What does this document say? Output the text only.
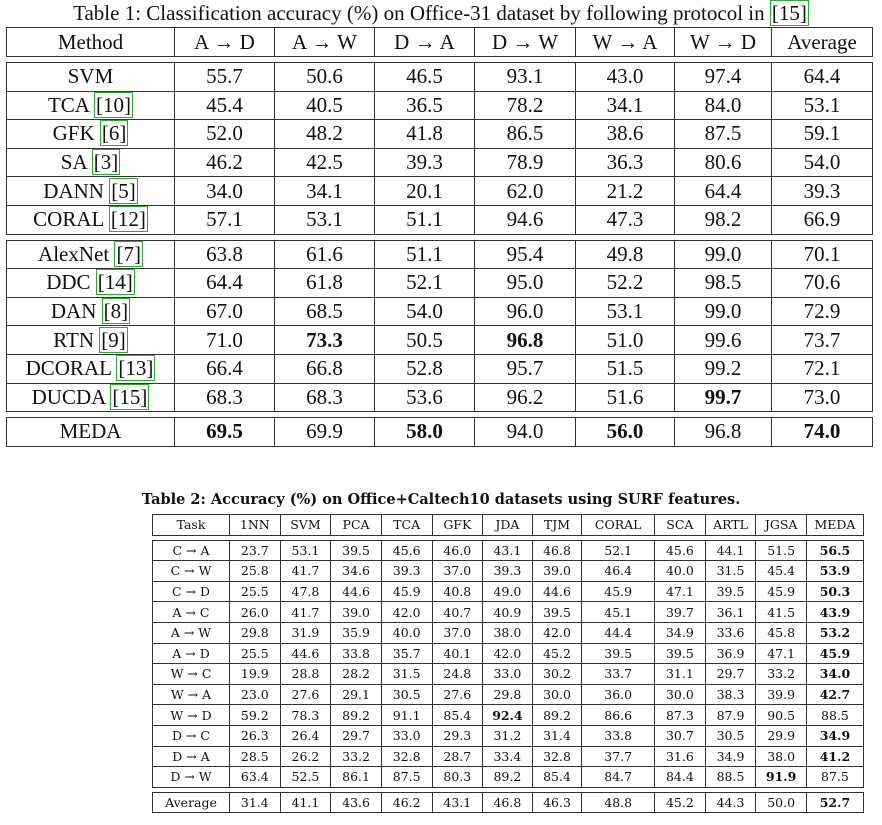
Table 1: Classification accuracy (%) on Office-31 dataset by following protocol in [15]
Method	A → D	A → W	D → A	D → W	W → A	W → D	Average

SVM	55.7	50.6	46.5	93.1	43.0	97.4	64.4
TCA [10]	45.4	40.5	36.5	78.2	34.1	84.0	53.1
GFK [6]	52.0	48.2	41.8	86.5	38.6	87.5	59.1
SA [3]	46.2	42.5	39.3	78.9	36.3	80.6	54.0
DANN [5]	34.0	34.1	20.1	62.0	21.2	64.4	39.3
CORAL [12]	57.1	53.1	51.1	94.6	47.3	98.2	66.9

AlexNet [7]	63.8	61.6	51.1	95.4	49.8	99.0	70.1
DDC [14]	64.4	61.8	52.1	95.0	52.2	98.5	70.6
DAN [8]	67.0	68.5	54.0	96.0	53.1	99.0	72.9
RTN [9]	71.0	73.3	50.5	96.8	51.0	99.6	73.7
DCORAL [13]	66.4	66.8	52.8	95.7	51.5	99.2	72.1
DUCDA [15]	68.3	68.3	53.6	96.2	51.6	99.7	73.0

MEDA	69.5	69.9	58.0	94.0	56.0	96.8	74.0
Table 2: Accuracy (%) on Office+Caltech10 datasets using SURF features.
Task	1NN	SVM	PCA	TCA	GFK	JDA	TJM	CORAL	SCA	ARTL	JGSA	MEDA

C → A	23.7	53.1	39.5	45.6	46.0	43.1	46.8	52.1	45.6	44.1	51.5	56.5
C → W	25.8	41.7	34.6	39.3	37.0	39.3	39.0	46.4	40.0	31.5	45.4	53.9
C → D	25.5	47.8	44.6	45.9	40.8	49.0	44.6	45.9	47.1	39.5	45.9	50.3
A → C	26.0	41.7	39.0	42.0	40.7	40.9	39.5	45.1	39.7	36.1	41.5	43.9
A → W	29.8	31.9	35.9	40.0	37.0	38.0	42.0	44.4	34.9	33.6	45.8	53.2
A → D	25.5	44.6	33.8	35.7	40.1	42.0	45.2	39.5	39.5	36.9	47.1	45.9
W → C	19.9	28.8	28.2	31.5	24.8	33.0	30.2	33.7	31.1	29.7	33.2	34.0
W → A	23.0	27.6	29.1	30.5	27.6	29.8	30.0	36.0	30.0	38.3	39.9	42.7
W → D	59.2	78.3	89.2	91.1	85.4	92.4	89.2	86.6	87.3	87.9	90.5	88.5
D → C	26.3	26.4	29.7	33.0	29.3	31.2	31.4	33.8	30.7	30.5	29.9	34.9
D → A	28.5	26.2	33.2	32.8	28.7	33.4	32.8	37.7	31.6	34.9	38.0	41.2
D → W	63.4	52.5	86.1	87.5	80.3	89.2	85.4	84.7	84.4	88.5	91.9	87.5

Average	31.4	41.1	43.6	46.2	43.1	46.8	46.3	48.8	45.2	44.3	50.0	52.7
